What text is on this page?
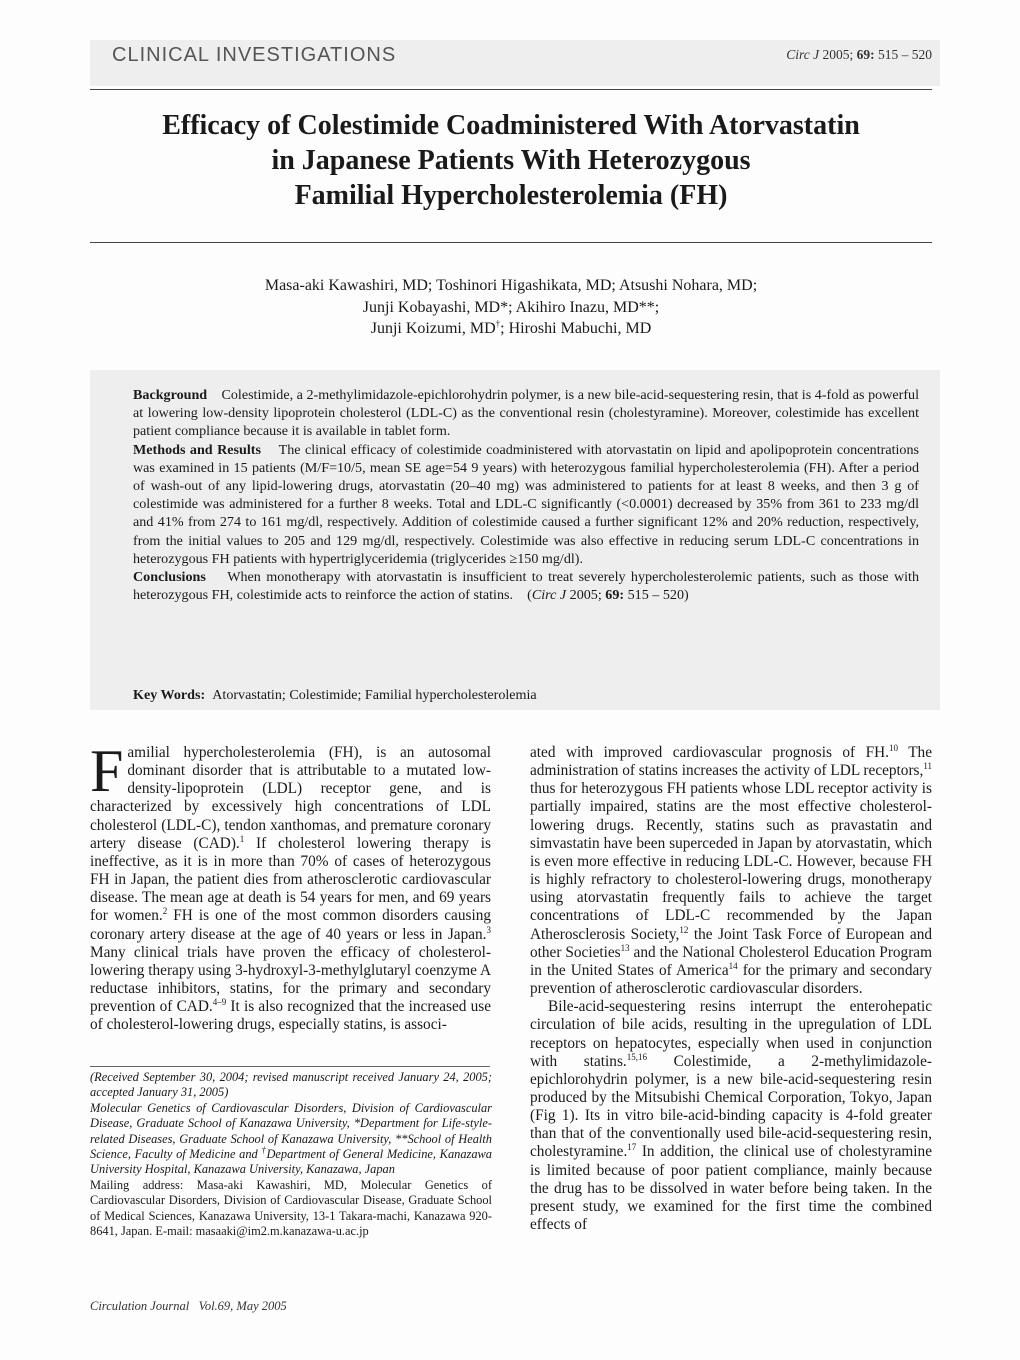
CLINICAL INVESTIGATIONS	Circ J 2005; 69: 515 – 520
Efficacy of Colestimide Coadministered With Atorvastatin
in Japanese Patients With Heterozygous
Familial Hypercholesterolemia (FH)
Masa-aki Kawashiri, MD; Toshinori Higashikata, MD; Atsushi Nohara, MD;
Junji Kobayashi, MD*; Akihiro Inazu, MD**;
Junji Koizumi, MD†; Hiroshi Mabuchi, MD

Background Colestimide, a 2-methylimidazole-epichlorohydrin polymer, is a new bile-acid-sequestering resin, that is 4-fold as powerful at lowering low-density lipoprotein cholesterol (LDL-C) as the conventional resin (cholestyramine). Moreover, colestimide has excellent patient compliance because it is available in tablet form.

Methods and Results The clinical efficacy of colestimide coadministered with atorvastatin on lipid and apolipoprotein concentrations was examined in 15 patients (M/F=10/5, mean SE age=54 9 years) with heterozygous familial hypercholesterolemia (FH). After a period of wash-out of any lipid-lowering drugs, atorvastatin (20–40 mg) was administered to patients for at least 8 weeks, and then 3 g of colestimide was administered for a further 8 weeks. Total and LDL-C significantly (<0.0001) decreased by 35% from 361 to 233 mg/dl and 41% from 274 to 161 mg/dl, respectively. Addition of colestimide caused a further significant 12% and 20% reduction, respectively, from the initial values to 205 and 129 mg/dl, respectively. Colestimide was also effective in reducing serum LDL-C concentrations in heterozygous FH patients with hypertriglyceridemia (triglycerides ≥150 mg/dl).

Conclusions When monotherapy with atorvastatin is insufficient to treat severely hypercholesterolemic patients, such as those with heterozygous FH, colestimide acts to reinforce the action of statins. (Circ J 2005; 69: 515 – 520)

Key Words: Atorvastatin; Colestimide; Familial hypercholesterolemia

Familial hypercholesterolemia (FH), is an autosomal dominant disorder that is attributable to a mutated low-density-lipoprotein (LDL) receptor gene, and is characterized by excessively high concentrations of LDL cholesterol (LDL-C), tendon xanthomas, and premature coronary artery disease (CAD).$^1$ If cholesterol lowering therapy is ineffective, as it is in more than 70% of cases of heterozygous FH in Japan, the patient dies from atherosclerotic cardiovascular disease. The mean age at death is 54 years for men, and 69 years for women.$^2$ FH is one of the most common disorders causing coronary artery disease at the age of 40 years or less in Japan.$^3$ Many clinical trials have proven the efficacy of cholesterol-lowering therapy using 3-hydroxyl-3-methylglutaryl coenzyme A reductase inhibitors, statins, for the primary and secondary prevention of CAD.$^{4-9}$ It is also recognized that the increased use of cholesterol-lowering drugs, especially statins, is associ-

(Received September 30, 2004; revised manuscript received January 24, 2005; accepted January 31, 2005)

Molecular Genetics of Cardiovascular Disorders, Division of Cardiovascular Disease, Graduate School of Kanazawa University, *Department for Life-style-related Diseases, Graduate School of Kanazawa University, **School of Health Science, Faculty of Medicine and †Department of General Medicine, Kanazawa University Hospital, Kanazawa University, Kanazawa, Japan

Mailing address: Masa-aki Kawashiri, MD, Molecular Genetics of Cardiovascular Disorders, Division of Cardiovascular Disease, Graduate School of Medical Sciences, Kanazawa University, 13-1 Takara-machi, Kanazawa 920-8641, Japan. E-mail: masaaki@im2.m.kanazawa-u.ac.jp

ated with improved cardiovascular prognosis of FH.$^{10}$ The administration of statins increases the activity of LDL receptors,$^{11}$ thus for heterozygous FH patients whose LDL receptor activity is partially impaired, statins are the most effective cholesterol-lowering drugs. Recently, statins such as pravastatin and simvastatin have been superceded in Japan by atorvastatin, which is even more effective in reducing LDL-C. However, because FH is highly refractory to cholesterol-lowering drugs, monotherapy using atorvastatin frequently fails to achieve the target concentrations of LDL-C recommended by the Japan Atherosclerosis Society,$^{12}$ the Joint Task Force of European and other Societies$^{13}$ and the National Cholesterol Education Program in the United States of America$^{14}$ for the primary and secondary prevention of atherosclerotic cardiovascular disorders.

Bile-acid-sequestering resins interrupt the enterohepatic circulation of bile acids, resulting in the upregulation of LDL receptors on hepatocytes, especially when used in conjunction with statins.$^{15,16}$ Colestimide, a 2-methylimidazole-epichlorohydrin polymer, is a new bile-acid-sequestering resin produced by the Mitsubishi Chemical Corporation, Tokyo, Japan (Fig 1). Its in vitro bile-acid-binding capacity is 4-fold greater than that of the conventionally used bile-acid-sequestering resin, cholestyramine.$^{17}$ In addition, the clinical use of cholestyramine is limited because of poor patient compliance, mainly because the drug has to be dissolved in water before being taken. In the present study, we examined for the first time the combined effects of

Circulation Journal Vol.69, May 2005
